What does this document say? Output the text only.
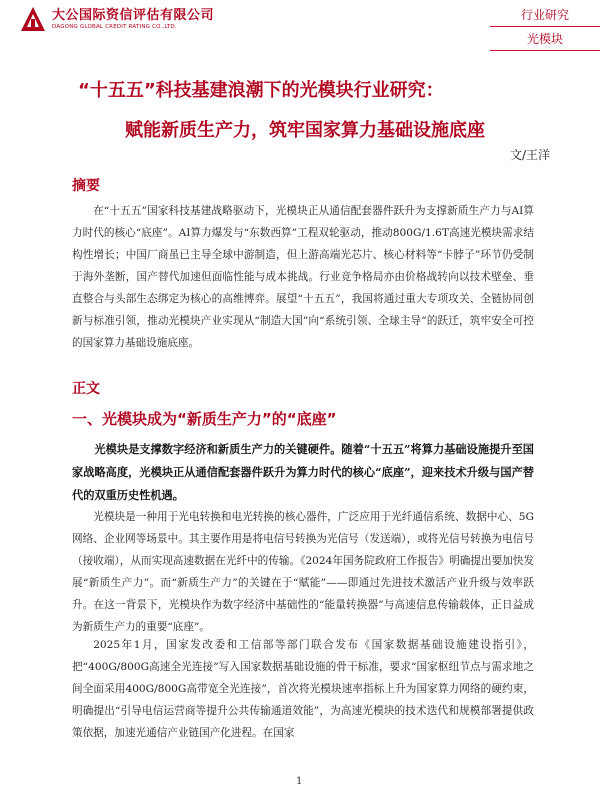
大公国际资信评估有限公司
DAGONG GLOBAL CREDIT RATING CO.,LTD.
行业研究
光模块
“十五五”科技基建浪潮下的光模块行业研究：
赋能新质生产力，筑牢国家算力基础设施底座
文/王洋
摘要
在“十五五”国家科技基建战略驱动下，光模块正从通信配套器件跃升为支撑新质生产力与AI算力时代的核心“底座”。AI算力爆发与“东数西算”工程双轮驱动，推动800G/1.6T高速光模块需求结构性增长；中国厂商虽已主导全球中游制造，但上游高端光芯片、核心材料等“卡脖子”环节仍受制于海外垄断，国产替代加速但面临性能与成本挑战。行业竞争格局亦由价格战转向以技术壁垒、垂直整合与头部生态绑定为核心的高维博弈。展望“十五五”，我国将通过重大专项攻关、全链协同创新与标准引领，推动光模块产业实现从“制造大国”向“系统引领、全球主导”的跃迁，筑牢安全可控的国家算力基础设施底座。
正文
一、光模块成为“新质生产力”的“底座”
光模块是支撑数字经济和新质生产力的关键硬件。随着“十五五”将算力基础设施提升至国家战略高度，光模块正从通信配套器件跃升为算力时代的核心“底座”，迎来技术升级与国产替代的双重历史性机遇。
光模块是一种用于光电转换和电光转换的核心器件，广泛应用于光纤通信系统、数据中心、5G网络、企业网等场景中。其主要作用是将电信号转换为光信号（发送端），或将光信号转换为电信号（接收端），从而实现高速数据在光纤中的传输。《2024年国务院政府工作报告》明确提出要加快发展“新质生产力”。而“新质生产力”的关键在于“赋能”——即通过先进技术激活产业升级与效率跃升。在这一背景下，光模块作为数字经济中基础性的“能量转换器”与高速信息传输载体，正日益成为新质生产力的重要“底座”。
2025年1月，国家发改委和工信部等部门联合发布《国家数据基础设施建设指引》，把“400G/800G高速全光连接”写入国家数据基础设施的骨干标准，要求“国家枢纽节点与需求地之间全面采用400G/800G高带宽全光连接”，首次将光模块速率指标上升为国家算力网络的硬约束，明确提出“引导电信运营商等提升公共传输通道效能”，为高速光模块的技术迭代和规模部署提供政策依据，加速光通信产业链国产化进程。在国家
1
